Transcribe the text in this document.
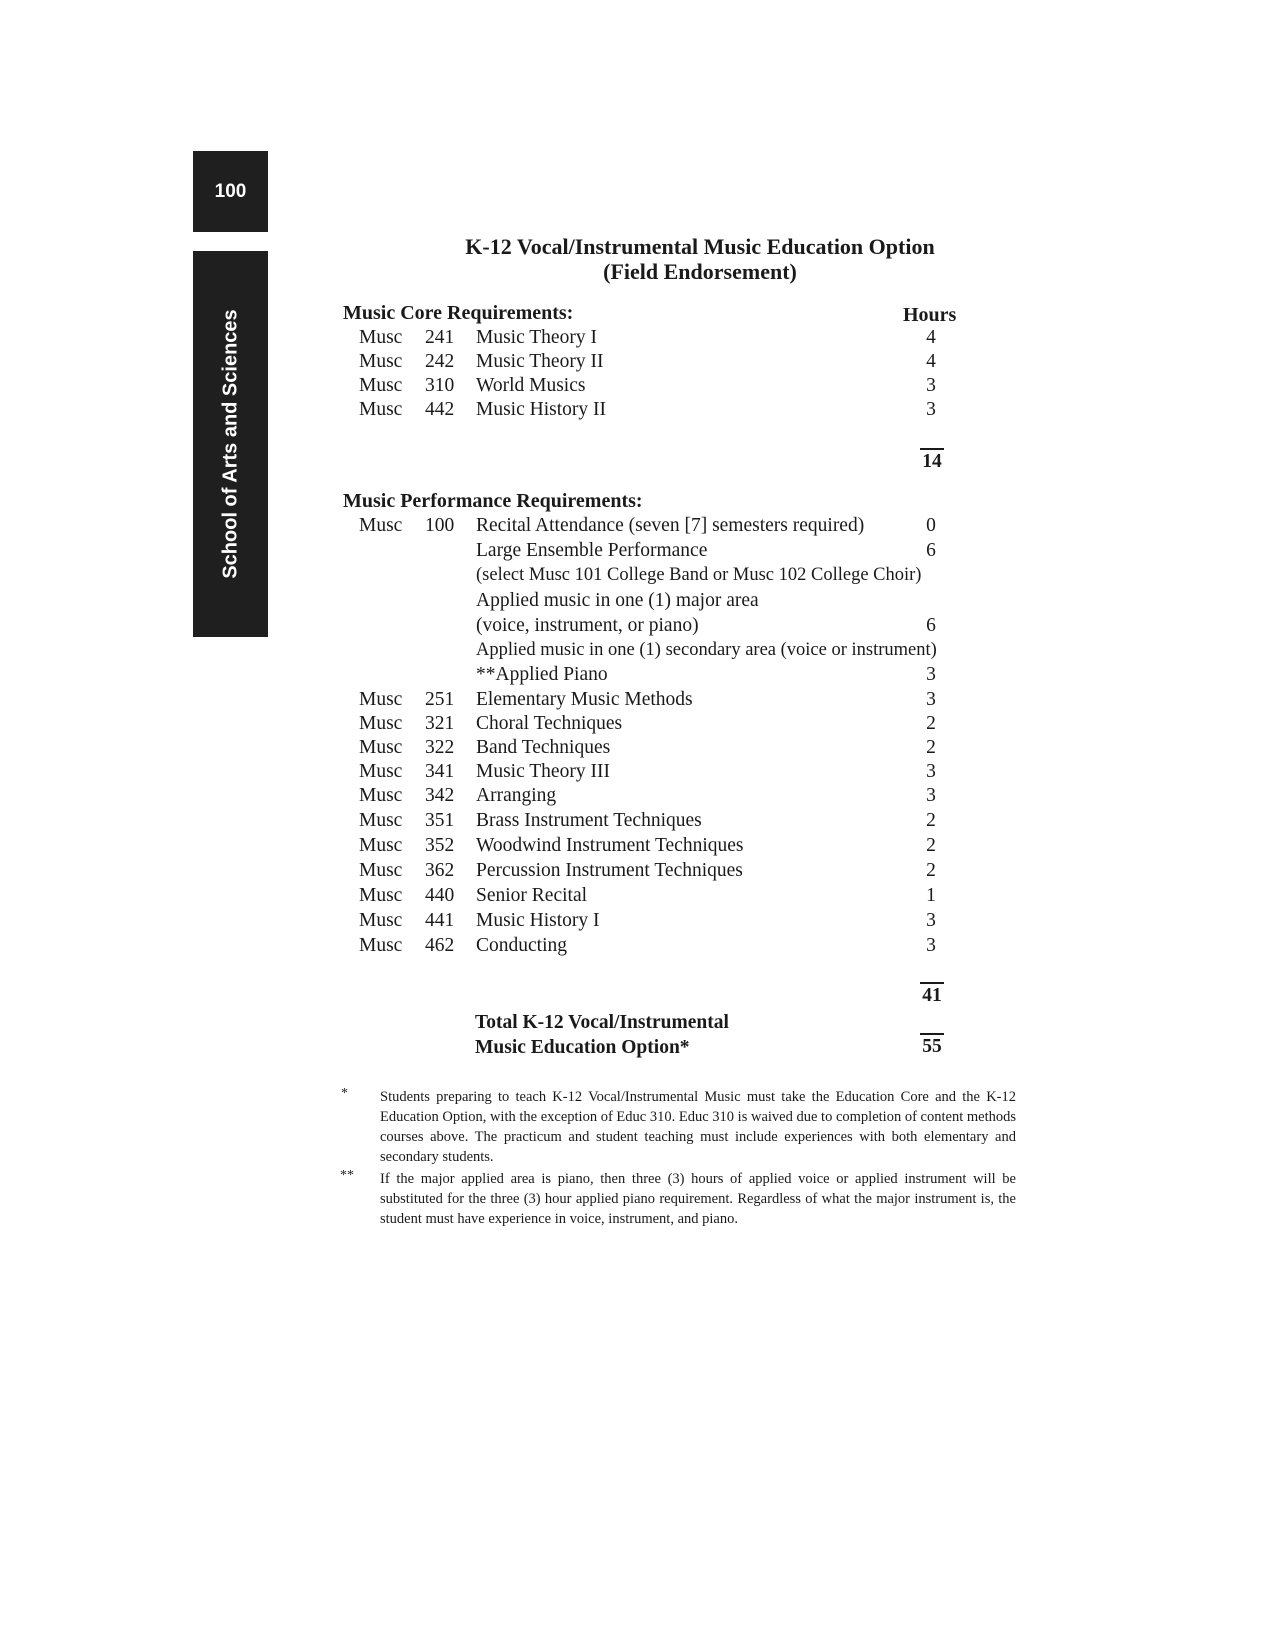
100
School of Arts and Sciences
K-12 Vocal/Instrumental Music Education Option
(Field Endorsement)
Music Core Requirements:	Hours
Musc 241 Music Theory I	4
Musc 242 Music Theory II	4
Musc 310 World Musics	3
Musc 442 Music History II	3
14
Music Performance Requirements:
Musc 100 Recital Attendance (seven [7] semesters required)	0
Large Ensemble Performance	6
(select Musc 101 College Band or Musc 102 College Choir)
Applied music in one (1) major area
(voice, instrument, or piano)	6
Applied music in one (1) secondary area (voice or instrument)
**Applied Piano	3
Musc 251 Elementary Music Methods	3
Musc 321 Choral Techniques	2
Musc 322 Band Techniques	2
Musc 341 Music Theory III	3
Musc 342 Arranging	3
Musc 351 Brass Instrument Techniques	2
Musc 352 Woodwind Instrument Techniques	2
Musc 362 Percussion Instrument Techniques	2
Musc 440 Senior Recital	1
Musc 441 Music History I	3
Musc 462 Conducting	3
41
Total K-12 Vocal/Instrumental
Music Education Option*	55
* Students preparing to teach K-12 Vocal/Instrumental Music must take the Education Core and the K-12 Education Option, with the exception of Educ 310. Educ 310 is waived due to completion of content methods courses above. The practicum and student teaching must include experiences with both elementary and secondary students.
** If the major applied area is piano, then three (3) hours of applied voice or applied instrument will be substituted for the three (3) hour applied piano requirement. Regardless of what the major instrument is, the student must have experience in voice, instrument, and piano.
